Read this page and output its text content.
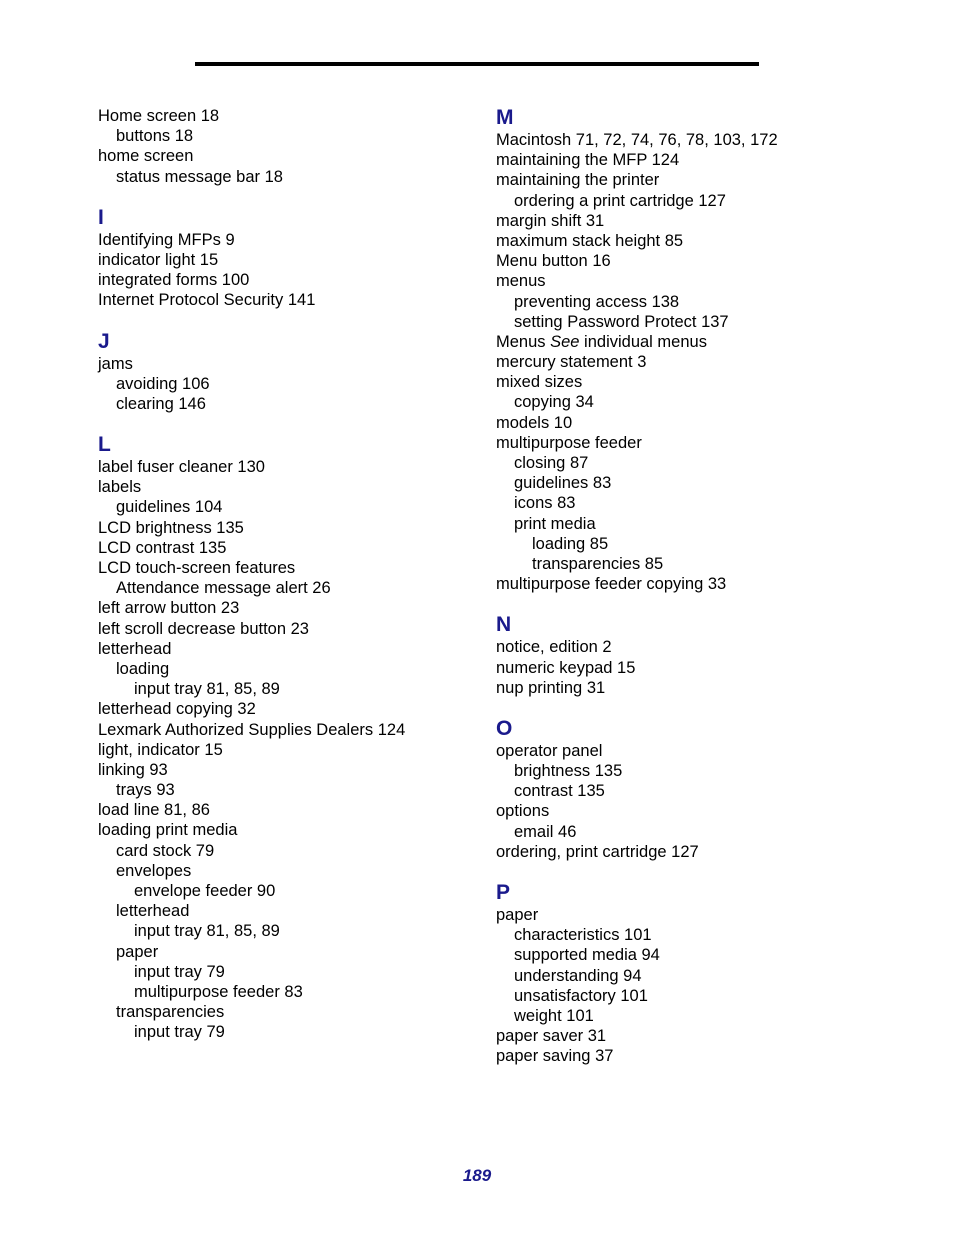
Home screen 18
buttons 18
home screen
status message bar 18
I
Identifying MFPs 9
indicator light 15
integrated forms 100
Internet Protocol Security 141
J
jams
avoiding 106
clearing 146
L
label fuser cleaner 130
labels
guidelines 104
LCD brightness 135
LCD contrast 135
LCD touch-screen features
Attendance message alert 26
left arrow button 23
left scroll decrease button 23
letterhead
loading
input tray 81, 85, 89
letterhead copying 32
Lexmark Authorized Supplies Dealers 124
light, indicator 15
linking 93
trays 93
load line 81, 86
loading print media
card stock 79
envelopes
envelope feeder 90
letterhead
input tray 81, 85, 89
paper
input tray 79
multipurpose feeder 83
transparencies
input tray 79
M
Macintosh 71, 72, 74, 76, 78, 103, 172
maintaining the MFP 124
maintaining the printer
ordering a print cartridge 127
margin shift 31
maximum stack height 85
Menu button 16
menus
preventing access 138
setting Password Protect 137
Menus See individual menus
mercury statement 3
mixed sizes
copying 34
models 10
multipurpose feeder
closing 87
guidelines 83
icons 83
print media
loading 85
transparencies 85
multipurpose feeder copying 33
N
notice, edition 2
numeric keypad 15
nup printing 31
O
operator panel
brightness 135
contrast 135
options
email 46
ordering, print cartridge 127
P
paper
characteristics 101
supported media 94
understanding 94
unsatisfactory 101
weight 101
paper saver 31
paper saving 37
189
